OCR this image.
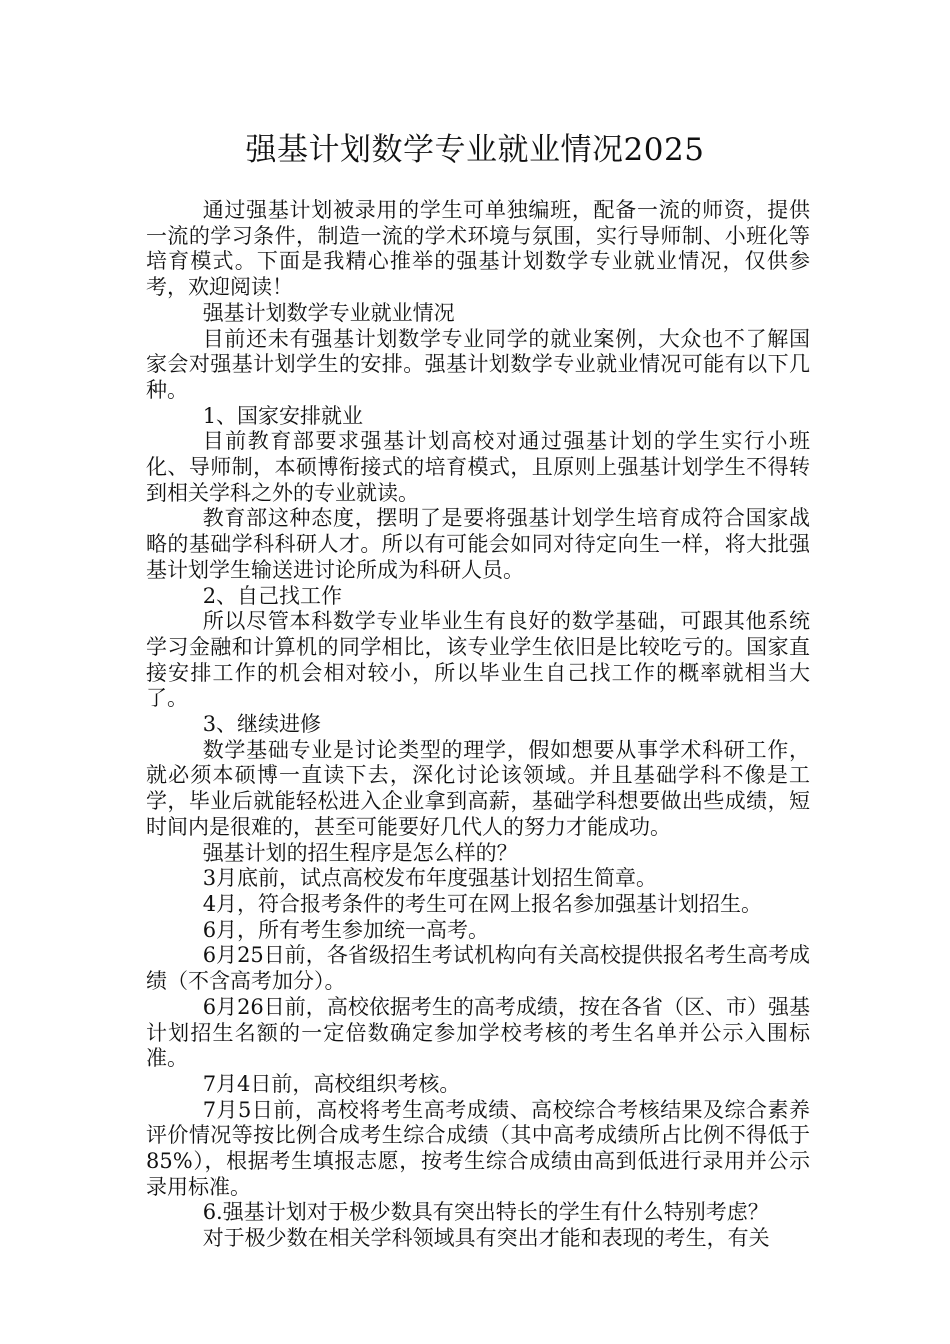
强基计划数学专业就业情况2025

通过强基计划被录用的学生可单独编班，配备一流的师资，提供一流的学习条件，制造一流的学术环境与氛围，实行导师制、小班化等培育模式。下面是我精心推举的强基计划数学专业就业情况，仅供参考，欢迎阅读！

强基计划数学专业就业情况

目前还未有强基计划数学专业同学的就业案例，大众也不了解国家会对强基计划学生的安排。强基计划数学专业就业情况可能有以下几种。

1、国家安排就业

目前教育部要求强基计划高校对通过强基计划的学生实行小班化、导师制，本硕博衔接式的培育模式，且原则上强基计划学生不得转到相关学科之外的专业就读。

教育部这种态度，摆明了是要将强基计划学生培育成符合国家战略的基础学科科研人才。所以有可能会如同对待定向生一样，将大批强基计划学生输送进讨论所成为科研人员。

2、自己找工作

所以尽管本科数学专业毕业生有良好的数学基础，可跟其他系统学习金融和计算机的同学相比，该专业学生依旧是比较吃亏的。国家直接安排工作的机会相对较小，所以毕业生自己找工作的概率就相当大了。

3、继续进修

数学基础专业是讨论类型的理学，假如想要从事学术科研工作，就必须本硕博一直读下去，深化讨论该领域。并且基础学科不像是工学，毕业后就能轻松进入企业拿到高薪，基础学科想要做出些成绩，短时间内是很难的，甚至可能要好几代人的努力才能成功。

强基计划的招生程序是怎么样的？

3月底前，试点高校发布年度强基计划招生简章。

4月，符合报考条件的考生可在网上报名参加强基计划招生。

6月，所有考生参加统一高考。

6月25日前，各省级招生考试机构向有关高校提供报名考生高考成绩（不含高考加分）。

6月26日前，高校依据考生的高考成绩，按在各省（区、市）强基计划招生名额的一定倍数确定参加学校考核的考生名单并公示入围标准。

7月4日前，高校组织考核。

7月5日前，高校将考生高考成绩、高校综合考核结果及综合素养评价情况等按比例合成考生综合成绩（其中高考成绩所占比例不得低于85%），根据考生填报志愿，按考生综合成绩由高到低进行录用并公示录用标准。

6.强基计划对于极少数具有突出特长的学生有什么特别考虑？

对于极少数在相关学科领域具有突出才能和表现的考生，有关
